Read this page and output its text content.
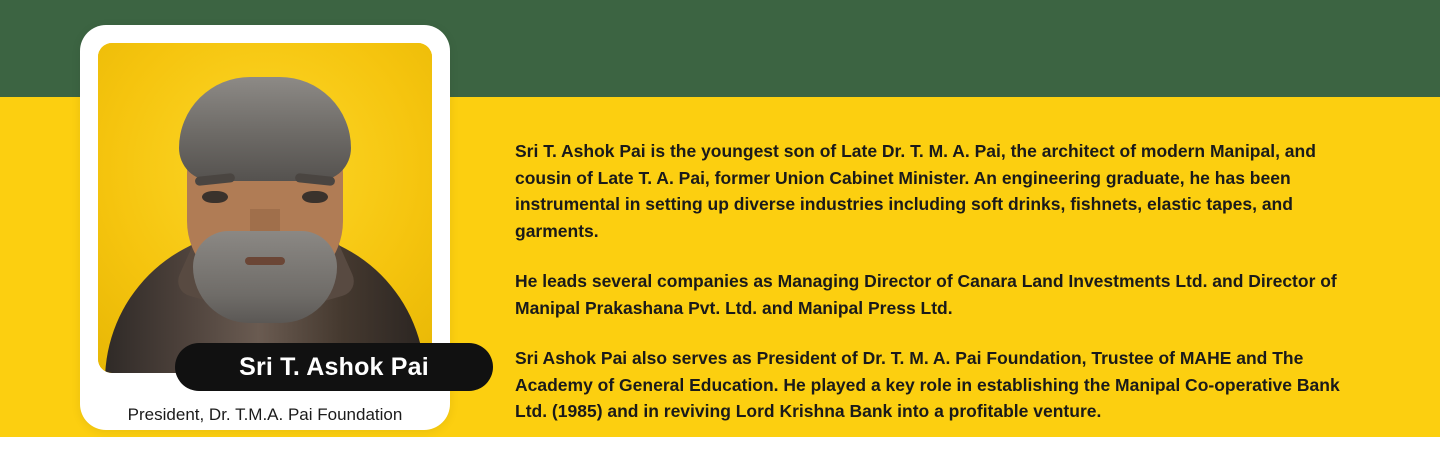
Sri T. Ashok Pai
President, Dr. T.M.A. Pai Foundation

Sri T. Ashok Pai is the youngest son of Late Dr. T. M. A. Pai, the architect of modern Manipal, and cousin of Late T. A. Pai, former Union Cabinet Minister. An engineering graduate, he has been instrumental in setting up diverse industries including soft drinks, fishnets, elastic tapes, and garments.

He leads several companies as Managing Director of Canara Land Investments Ltd. and Director of Manipal Prakashana Pvt. Ltd. and Manipal Press Ltd.

Sri Ashok Pai also serves as President of Dr. T. M. A. Pai Foundation, Trustee of MAHE and The Academy of General Education. He played a key role in establishing the Manipal Co-operative Bank Ltd. (1985) and in reviving Lord Krishna Bank into a profitable venture.
